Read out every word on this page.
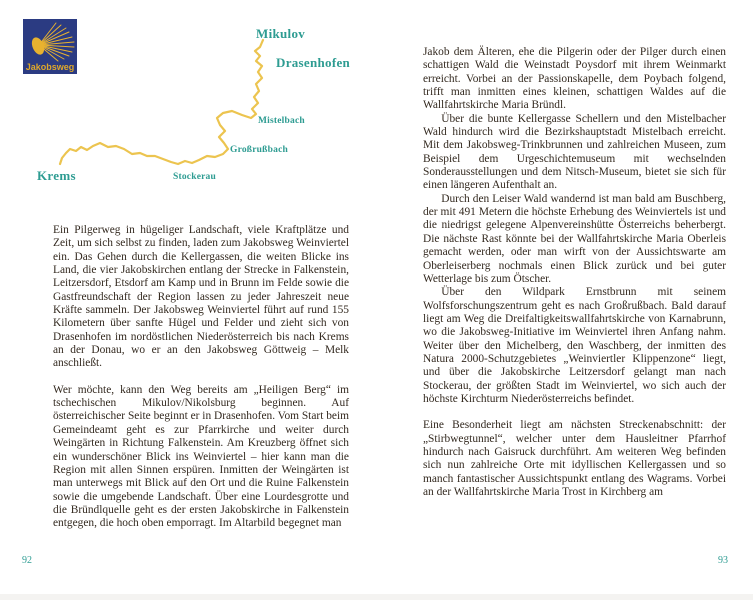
Jakobsweg
Mikulov
Drasenhofen
Mistelbach
Großrußbach
Stockerau
Krems

Ein Pilgerweg in hügeliger Landschaft, viele Kraftplätze und Zeit, um sich selbst zu finden, laden zum Jakobsweg Weinviertel ein. Das Gehen durch die Kellergassen, die weiten Blicke ins Land, die vier Jakobskirchen entlang der Strecke in Falkenstein, Leitzersdorf, Etsdorf am Kamp und in Brunn im Felde sowie die Gastfreundschaft der Region lassen zu jeder Jahreszeit neue Kräfte sammeln. Der Jakobsweg Weinviertel führt auf rund 155 Kilometern über sanfte Hügel und Felder und zieht sich von Drasenhofen im nordöstlichen Niederösterreich bis nach Krems an der Donau, wo er an den Jakobsweg Göttweig – Melk anschließt.

Wer möchte, kann den Weg bereits am „Heiligen Berg“ im tschechischen Mikulov/Nikolsburg beginnen. Auf österreichischer Seite beginnt er in Drasenhofen. Vom Start beim Gemeindeamt geht es zur Pfarrkirche und weiter durch Weingärten in Richtung Falkenstein. Am Kreuzberg öffnet sich ein wunderschöner Blick ins Weinviertel – hier kann man die Region mit allen Sinnen erspüren. Inmitten der Weingärten ist man unterwegs mit Blick auf den Ort und die Ruine Falkenstein sowie die umgebende Landschaft. Über eine Lourdesgrotte und die Bründlquelle geht es der ersten Jakobskirche in Falkenstein entgegen, die hoch oben emporragt. Im Altarbild begegnet man

Jakob dem Älteren, ehe die Pilgerin oder der Pilger durch einen schattigen Wald die Weinstadt Poysdorf mit ihrem Weinmarkt erreicht. Vorbei an der Passionskapelle, dem Poybach folgend, trifft man inmitten eines kleinen, schattigen Waldes auf die Wallfahrtskirche Maria Bründl.

Über die bunte Kellergasse Schellern und den Mistelbacher Wald hindurch wird die Bezirkshauptstadt Mistelbach erreicht. Mit dem Jakobsweg-Trinkbrunnen und zahlreichen Museen, zum Beispiel dem Urgeschichtemuseum mit wechselnden Sonderausstellungen und dem Nitsch-Museum, bietet sie sich für einen längeren Aufenthalt an.

Durch den Leiser Wald wandernd ist man bald am Buschberg, der mit 491 Metern die höchste Erhebung des Weinviertels ist und die niedrigst gelegene Alpenvereinshütte Österreichs beherbergt. Die nächste Rast könnte bei der Wallfahrtskirche Maria Oberleis gemacht werden, oder man wirft von der Aussichtswarte am Oberleiserberg nochmals einen Blick zurück und bei guter Wetterlage bis zum Ötscher.

Über den Wildpark Ernstbrunn mit seinem Wolfsforschungszentrum geht es nach Großrußbach. Bald darauf liegt am Weg die Dreifaltigkeitswallfahrtskirche von Karnabrunn, wo die Jakobsweg-Initiative im Weinviertel ihren Anfang nahm. Weiter über den Michelberg, den Waschberg, der inmitten des Natura 2000-Schutzgebietes „Weinviertler Klippenzone“ liegt, und über die Jakobskirche Leitzersdorf gelangt man nach Stockerau, der größten Stadt im Weinviertel, wo sich auch der höchste Kirchturm Niederösterreichs befindet.

Eine Besonderheit liegt am nächsten Streckenabschnitt: der „Stirbwegtunnel“, welcher unter dem Hausleitner Pfarrhof hindurch nach Gaisruck durchführt. Am weiteren Weg befinden sich nun zahlreiche Orte mit idyllischen Kellergassen und so manch fantastischer Aussichtspunkt entlang des Wagrams. Vorbei an der Wallfahrtskirche Maria Trost in Kirchberg am

92	93
